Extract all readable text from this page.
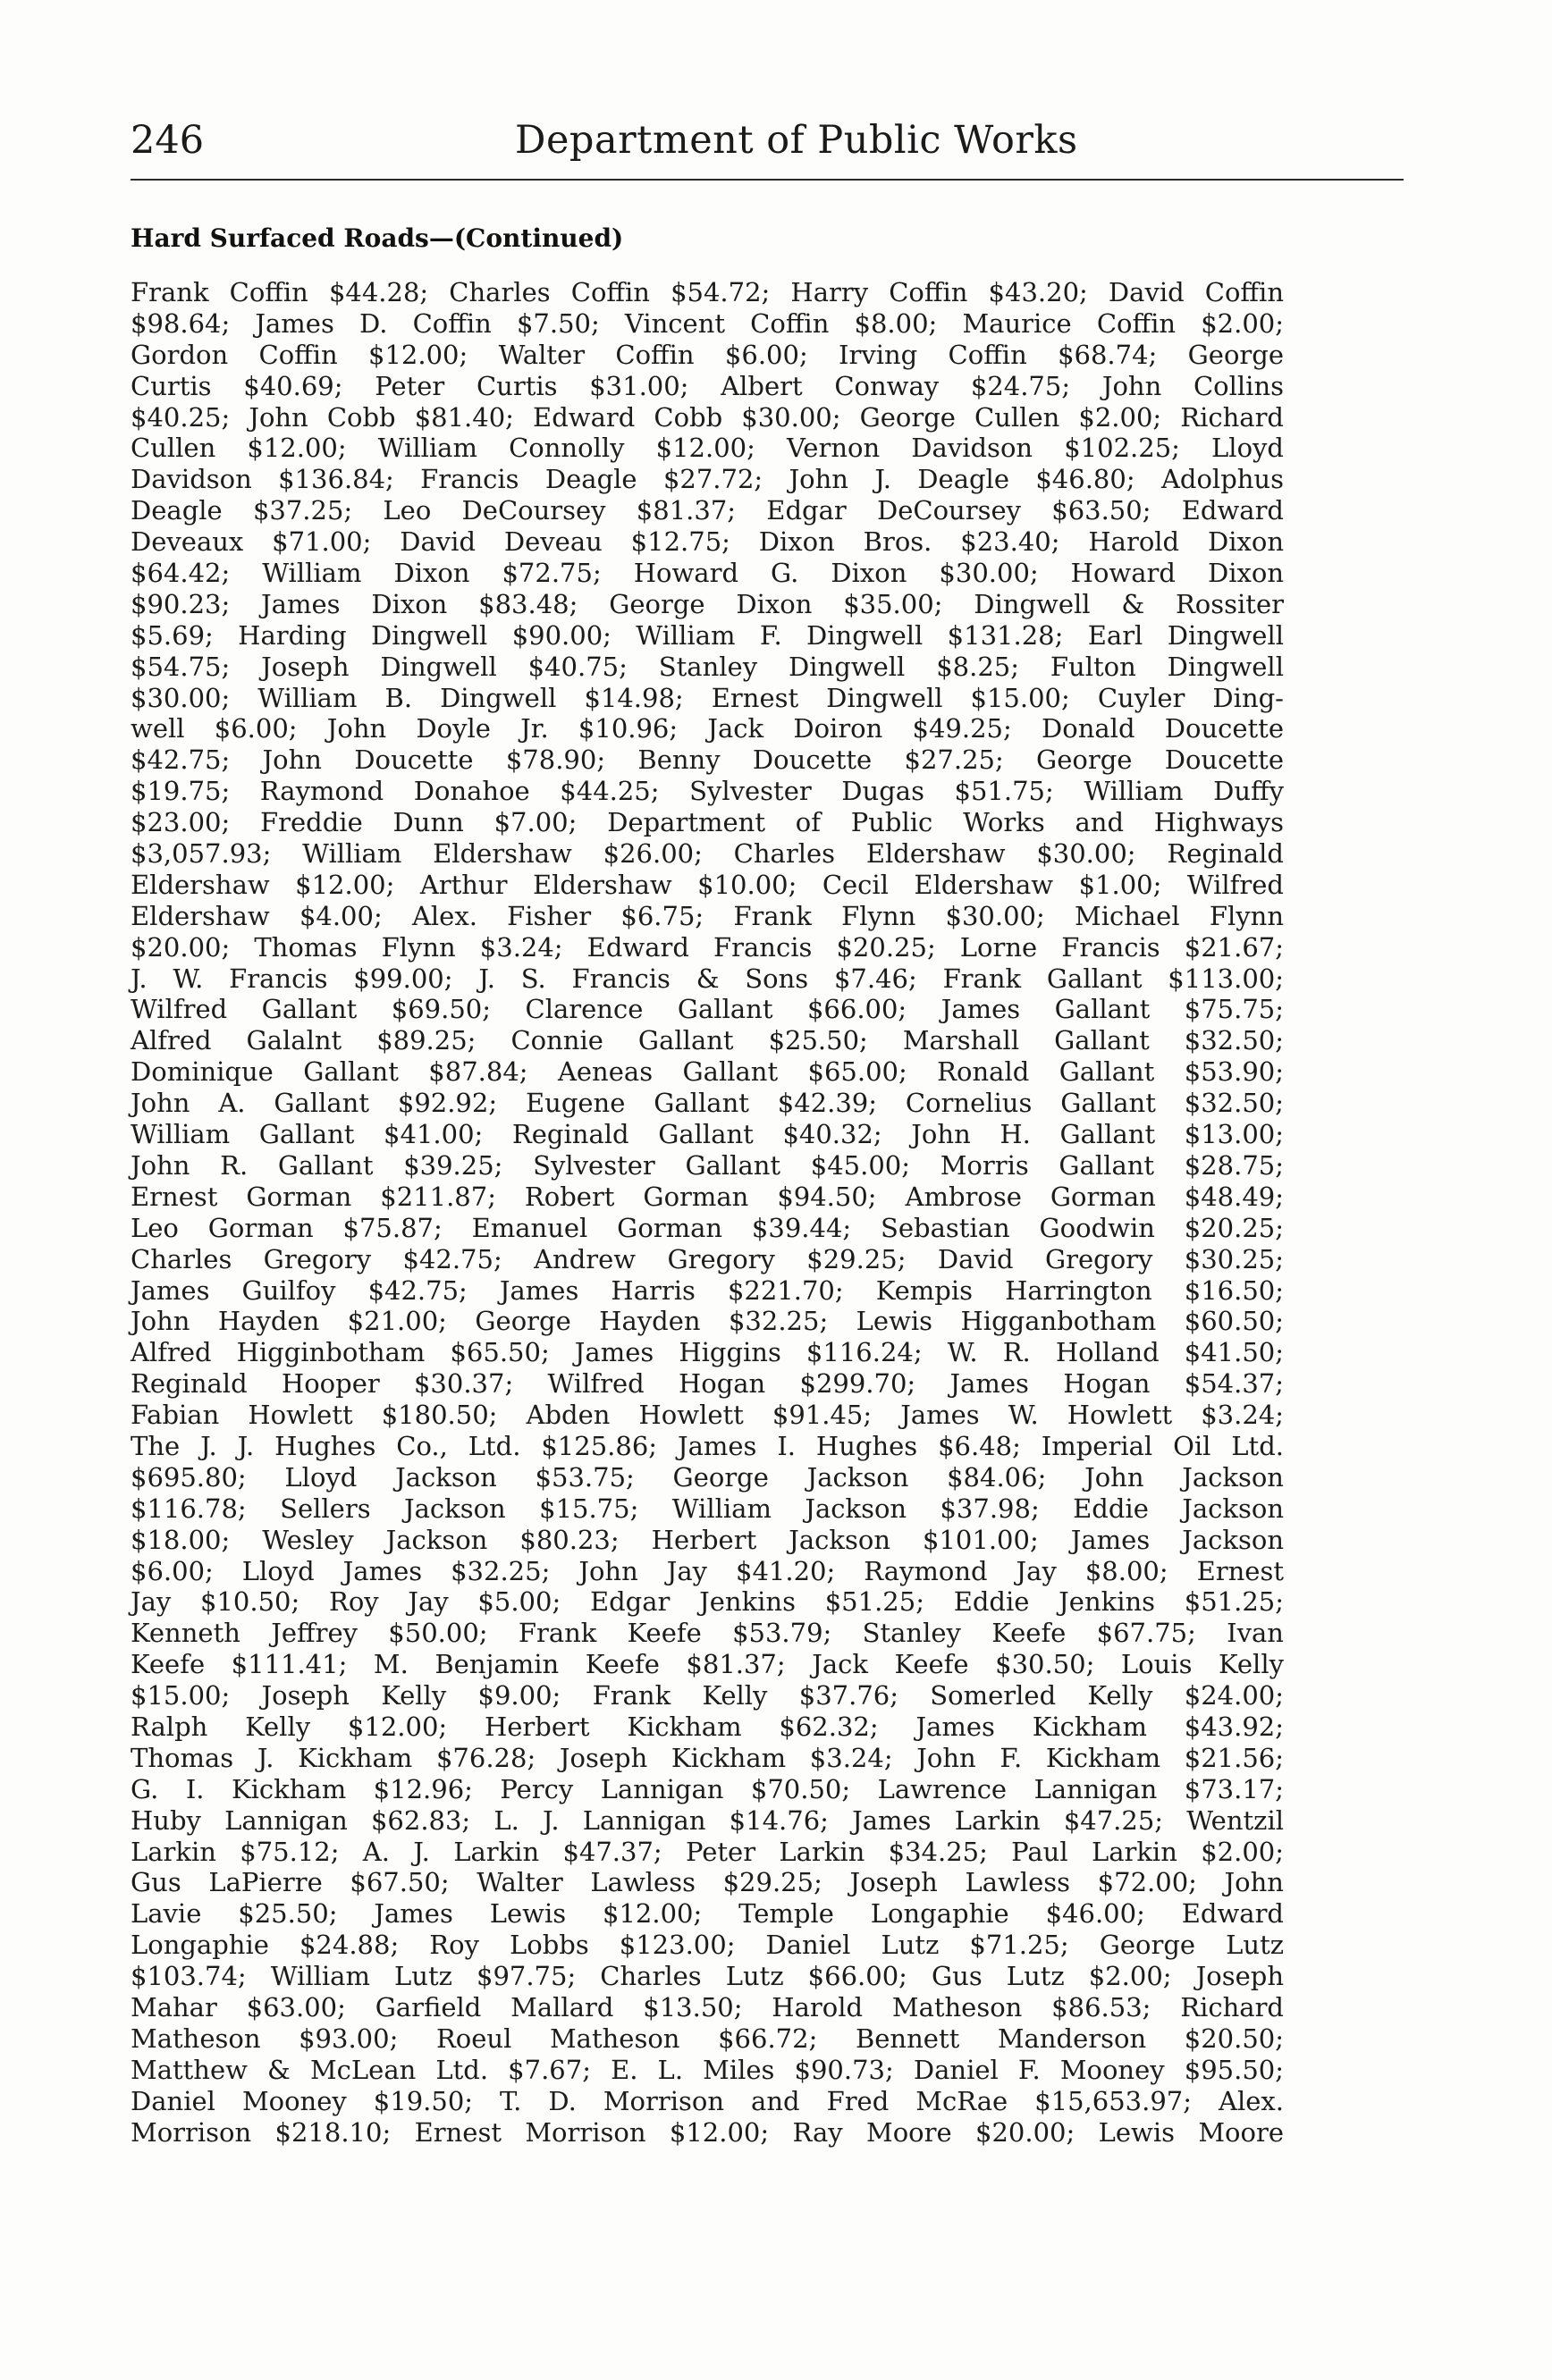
246	Department of Public Works
Hard Surfaced Roads—(Continued)
Frank Coffin $44.28; Charles Coffin $54.72; Harry Coffin $43.20; David Coffin
$98.64; James D. Coffin $7.50; Vincent Coffin $8.00; Maurice Coffin $2.00;
Gordon Coffin $12.00; Walter Coffin $6.00; Irving Coffin $68.74; George
Curtis $40.69; Peter Curtis $31.00; Albert Conway $24.75; John Collins
$40.25; John Cobb $81.40; Edward Cobb $30.00; George Cullen $2.00; Richard
Cullen $12.00; William Connolly $12.00; Vernon Davidson $102.25; Lloyd
Davidson $136.84; Francis Deagle $27.72; John J. Deagle $46.80; Adolphus
Deagle $37.25; Leo DeCoursey $81.37; Edgar DeCoursey $63.50; Edward
Deveaux $71.00; David Deveau $12.75; Dixon Bros. $23.40; Harold Dixon
$64.42; William Dixon $72.75; Howard G. Dixon $30.00; Howard Dixon
$90.23; James Dixon $83.48; George Dixon $35.00; Dingwell & Rossiter
$5.69; Harding Dingwell $90.00; William F. Dingwell $131.28; Earl Dingwell
$54.75; Joseph Dingwell $40.75; Stanley Dingwell $8.25; Fulton Dingwell
$30.00; William B. Dingwell $14.98; Ernest Dingwell $15.00; Cuyler Ding-
well $6.00; John Doyle Jr. $10.96; Jack Doiron $49.25; Donald Doucette
$42.75; John Doucette $78.90; Benny Doucette $27.25; George Doucette
$19.75; Raymond Donahoe $44.25; Sylvester Dugas $51.75; William Duffy
$23.00; Freddie Dunn $7.00; Department of Public Works and Highways
$3,057.93; William Eldershaw $26.00; Charles Eldershaw $30.00; Reginald
Eldershaw $12.00; Arthur Eldershaw $10.00; Cecil Eldershaw $1.00; Wilfred
Eldershaw $4.00; Alex. Fisher $6.75; Frank Flynn $30.00; Michael Flynn
$20.00; Thomas Flynn $3.24; Edward Francis $20.25; Lorne Francis $21.67;
J. W. Francis $99.00; J. S. Francis & Sons $7.46; Frank Gallant $113.00;
Wilfred Gallant $69.50; Clarence Gallant $66.00; James Gallant $75.75;
Alfred Galalnt $89.25; Connie Gallant $25.50; Marshall Gallant $32.50;
Dominique Gallant $87.84; Aeneas Gallant $65.00; Ronald Gallant $53.90;
John A. Gallant $92.92; Eugene Gallant $42.39; Cornelius Gallant $32.50;
William Gallant $41.00; Reginald Gallant $40.32; John H. Gallant $13.00;
John R. Gallant $39.25; Sylvester Gallant $45.00; Morris Gallant $28.75;
Ernest Gorman $211.87; Robert Gorman $94.50; Ambrose Gorman $48.49;
Leo Gorman $75.87; Emanuel Gorman $39.44; Sebastian Goodwin $20.25;
Charles Gregory $42.75; Andrew Gregory $29.25; David Gregory $30.25;
James Guilfoy $42.75; James Harris $221.70; Kempis Harrington $16.50;
John Hayden $21.00; George Hayden $32.25; Lewis Higganbotham $60.50;
Alfred Higginbotham $65.50; James Higgins $116.24; W. R. Holland $41.50;
Reginald Hooper $30.37; Wilfred Hogan $299.70; James Hogan $54.37;
Fabian Howlett $180.50; Abden Howlett $91.45; James W. Howlett $3.24;
The J. J. Hughes Co., Ltd. $125.86; James I. Hughes $6.48; Imperial Oil Ltd.
$695.80; Lloyd Jackson $53.75; George Jackson $84.06; John Jackson
$116.78; Sellers Jackson $15.75; William Jackson $37.98; Eddie Jackson
$18.00; Wesley Jackson $80.23; Herbert Jackson $101.00; James Jackson
$6.00; Lloyd James $32.25; John Jay $41.20; Raymond Jay $8.00; Ernest
Jay $10.50; Roy Jay $5.00; Edgar Jenkins $51.25; Eddie Jenkins $51.25;
Kenneth Jeffrey $50.00; Frank Keefe $53.79; Stanley Keefe $67.75; Ivan
Keefe $111.41; M. Benjamin Keefe $81.37; Jack Keefe $30.50; Louis Kelly
$15.00; Joseph Kelly $9.00; Frank Kelly $37.76; Somerled Kelly $24.00;
Ralph Kelly $12.00; Herbert Kickham $62.32; James Kickham $43.92;
Thomas J. Kickham $76.28; Joseph Kickham $3.24; John F. Kickham $21.56;
G. I. Kickham $12.96; Percy Lannigan $70.50; Lawrence Lannigan $73.17;
Huby Lannigan $62.83; L. J. Lannigan $14.76; James Larkin $47.25; Wentzil
Larkin $75.12; A. J. Larkin $47.37; Peter Larkin $34.25; Paul Larkin $2.00;
Gus LaPierre $67.50; Walter Lawless $29.25; Joseph Lawless $72.00; John
Lavie $25.50; James Lewis $12.00; Temple Longaphie $46.00; Edward
Longaphie $24.88; Roy Lobbs $123.00; Daniel Lutz $71.25; George Lutz
$103.74; William Lutz $97.75; Charles Lutz $66.00; Gus Lutz $2.00; Joseph
Mahar $63.00; Garfield Mallard $13.50; Harold Matheson $86.53; Richard
Matheson $93.00; Roeul Matheson $66.72; Bennett Manderson $20.50;
Matthew & McLean Ltd. $7.67; E. L. Miles $90.73; Daniel F. Mooney $95.50;
Daniel Mooney $19.50; T. D. Morrison and Fred McRae $15,653.97; Alex.
Morrison $218.10; Ernest Morrison $12.00; Ray Moore $20.00; Lewis Moore
